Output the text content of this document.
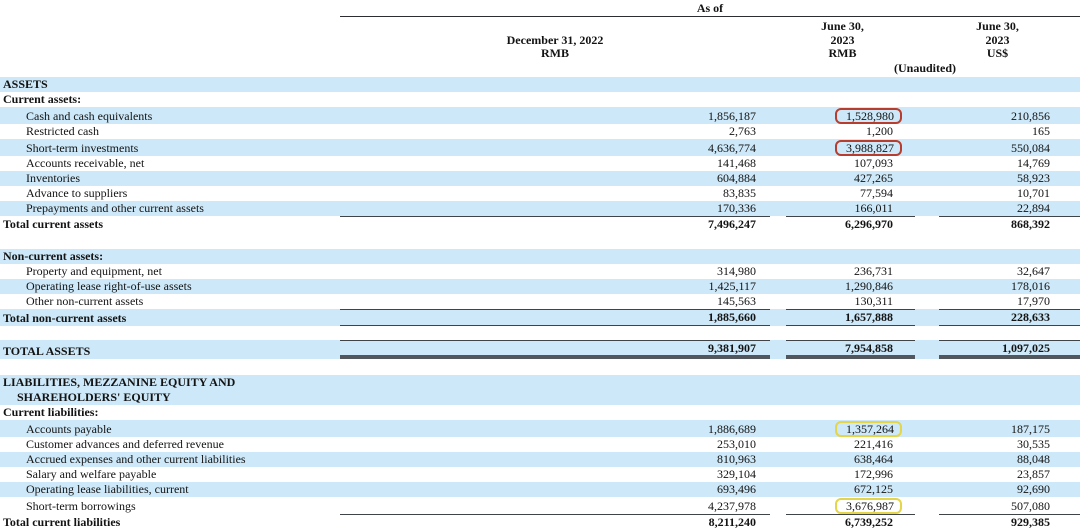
As of

December 31, 2022
RMB
June 30,
2023
RMB
June 30,
2023
US$
(Unaudited)
ASSETS	

Current assets:	

Cash and cash equivalents	1,856,187	1,528,980	210,856

Restricted cash	2,763	1,200	165

Short-term investments	4,636,774	3,988,827	550,084

Accounts receivable, net	141,468	107,093	14,769

Inventories	604,884	427,265	58,923

Advance to suppliers	83,835	77,594	10,701

Prepayments and other current assets	170,336	166,011	22,894

Total current assets	7,496,247	6,296,970	868,392

Non-current assets:	

Property and equipment, net	314,980	236,731	32,647

Operating lease right-of-use assets	1,425,117	1,290,846	178,016

Other non-current assets	145,563	130,311	17,970

Total non-current assets	1,885,660	1,657,888	228,633

TOTAL ASSETS	9,381,907	7,954,858	1,097,025

LIABILITIES, MEZZANINE EQUITY AND
SHAREHOLDERS' EQUITY			

Current liabilities:	

Accounts payable	1,886,689	1,357,264	187,175

Customer advances and deferred revenue	253,010	221,416	30,535

Accrued expenses and other current liabilities	810,963	638,464	88,048

Salary and welfare payable	329,104	172,996	23,857

Operating lease liabilities, current	693,496	672,125	92,690

Short-term borrowings	4,237,978	3,676,987	507,080

Total current liabilities	8,211,240	6,739,252	929,385
